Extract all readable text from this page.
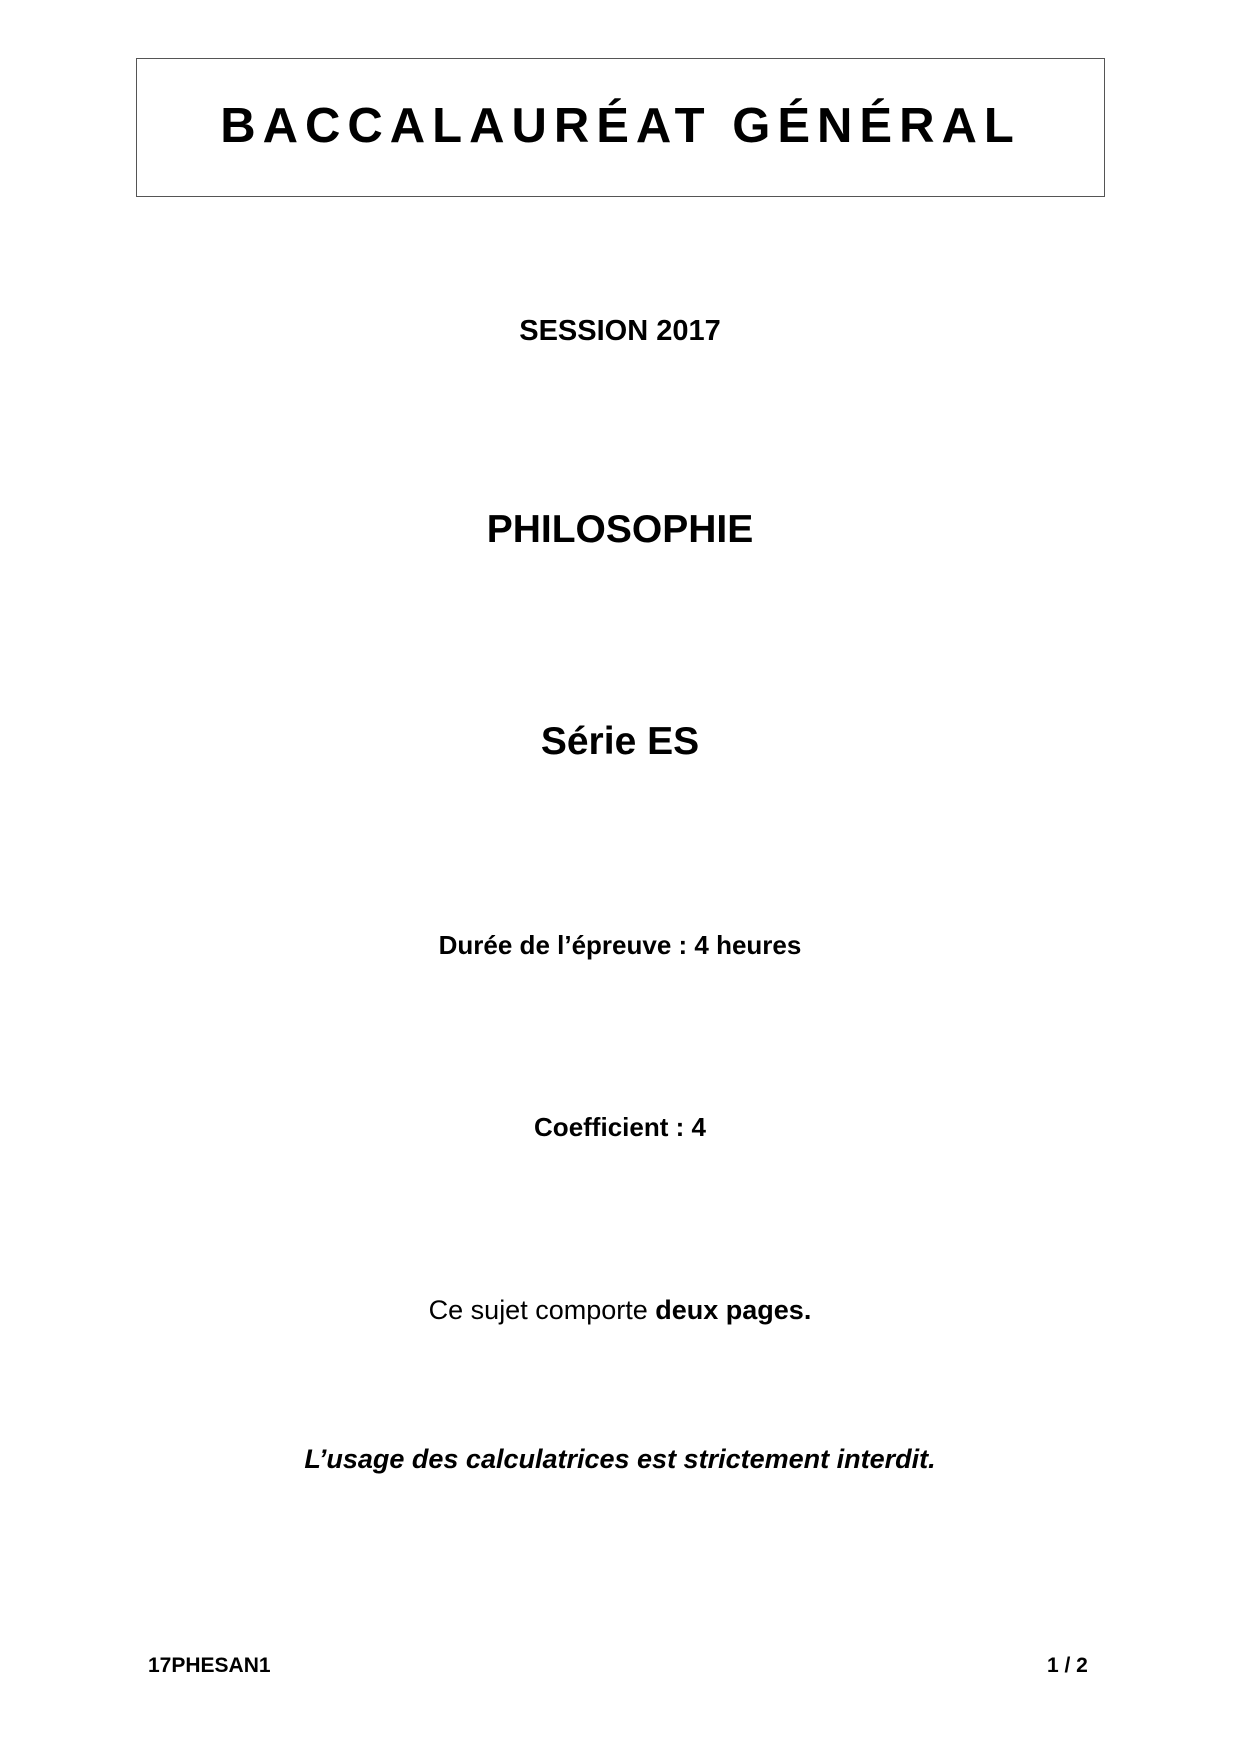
BACCALAURÉAT GÉNÉRAL
SESSION 2017
PHILOSOPHIE
Série ES
Durée de l’épreuve : 4 heures
Coefficient : 4
Ce sujet comporte deux pages.
L’usage des calculatrices est strictement interdit.
17PHESAN1	1 / 2
